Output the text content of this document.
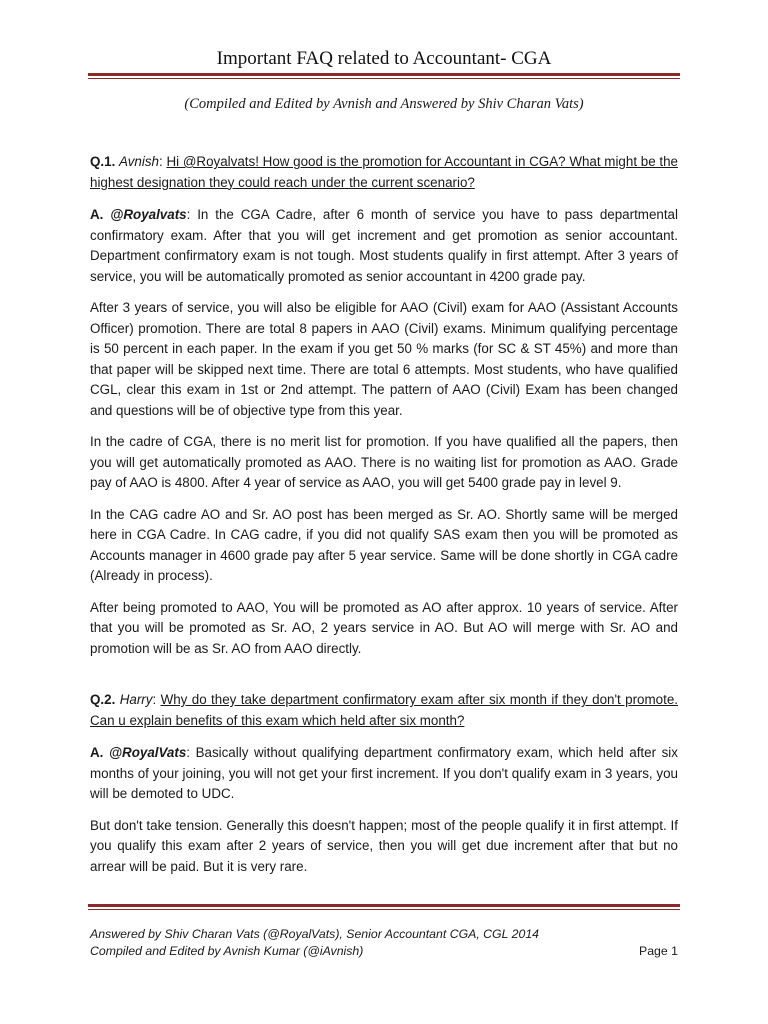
Important FAQ related to Accountant- CGA
(Compiled and Edited by Avnish and Answered by Shiv Charan Vats)

Q.1. Avnish: Hi @Royalvats! How good is the promotion for Accountant in CGA? What might be the highest designation they could reach under the current scenario?

A. @Royalvats: In the CGA Cadre, after 6 month of service you have to pass departmental confirmatory exam. After that you will get increment and get promotion as senior accountant. Department confirmatory exam is not tough. Most students qualify in first attempt. After 3 years of service, you will be automatically promoted as senior accountant in 4200 grade pay.

After 3 years of service, you will also be eligible for AAO (Civil) exam for AAO (Assistant Accounts Officer) promotion. There are total 8 papers in AAO (Civil) exams. Minimum qualifying percentage is 50 percent in each paper. In the exam if you get 50 % marks (for SC & ST 45%) and more than that paper will be skipped next time. There are total 6 attempts. Most students, who have qualified CGL, clear this exam in 1st or 2nd attempt. The pattern of AAO (Civil) Exam has been changed and questions will be of objective type from this year.

In the cadre of CGA, there is no merit list for promotion. If you have qualified all the papers, then you will get automatically promoted as AAO. There is no waiting list for promotion as AAO. Grade pay of AAO is 4800. After 4 year of service as AAO, you will get 5400 grade pay in level 9.

In the CAG cadre AO and Sr. AO post has been merged as Sr. AO. Shortly same will be merged here in CGA Cadre. In CAG cadre, if you did not qualify SAS exam then you will be promoted as Accounts manager in 4600 grade pay after 5 year service. Same will be done shortly in CGA cadre (Already in process).

After being promoted to AAO, You will be promoted as AO after approx. 10 years of service. After that you will be promoted as Sr. AO, 2 years service in AO. But AO will merge with Sr. AO and promotion will be as Sr. AO from AAO directly.

Q.2. Harry: Why do they take department confirmatory exam after six month if they don't promote. Can u explain benefits of this exam which held after six month?

A. @RoyalVats: Basically without qualifying department confirmatory exam, which held after six months of your joining, you will not get your first increment. If you don't qualify exam in 3 years, you will be demoted to UDC.

But don't take tension. Generally this doesn't happen; most of the people qualify it in first attempt. If you qualify this exam after 2 years of service, then you will get due increment after that but no arrear will be paid. But it is very rare.

Answered by Shiv Charan Vats (@RoyalVats), Senior Accountant CGA, CGL 2014
Compiled and Edited by Avnish Kumar (@iAvnish)	Page 1
